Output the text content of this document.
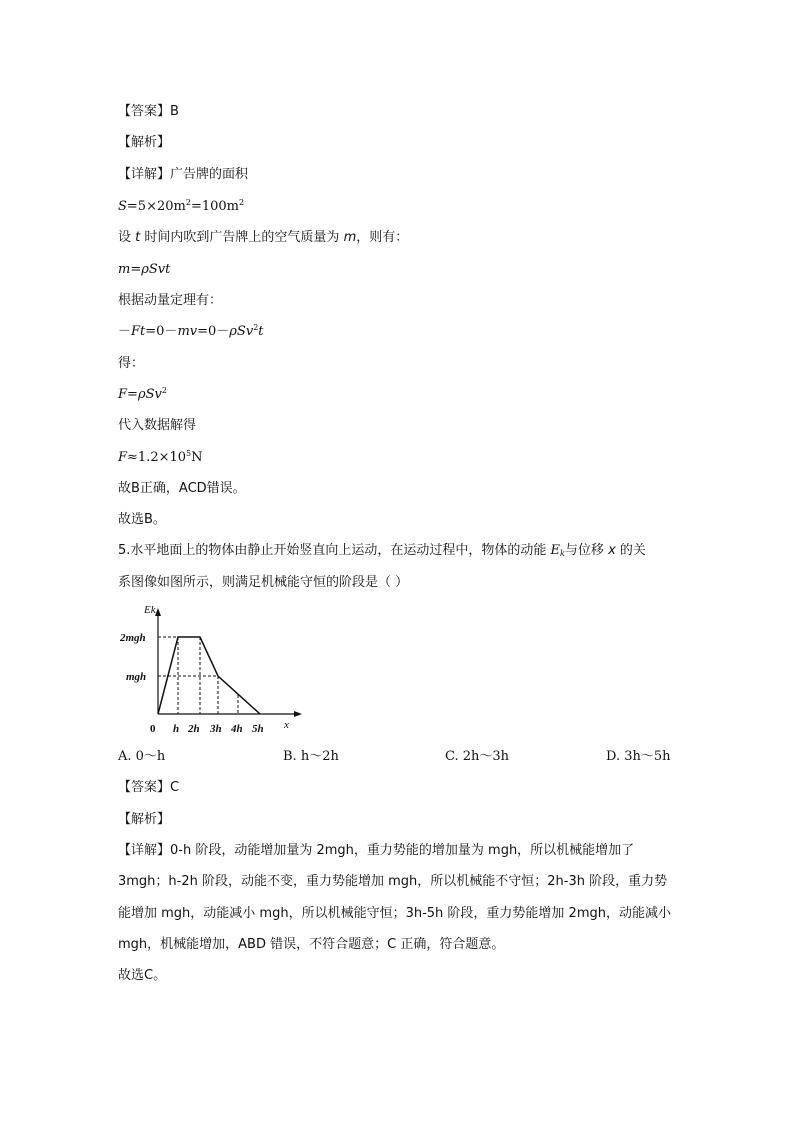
【答案】B
【解析】
【详解】广告牌的面积
$S=5\times 20m^2=100m^2$
设 t 时间内吹到广告牌上的空气质量为 m，则有：
m=ρSvt
根据动量定理有：
－Ft=0－mv=0－ρSv$^2$t
得：
F=ρSv$^2$
代入数据解得
$F\approx 1.2\times 10^5N$
故B正确，ACD错误。
故选B。
5.水平地面上的物体由静止开始竖直向上运动，在运动过程中，物体的动能 $E_k$与位移 x 的关
系图像如图所示，则满足机械能守恒的阶段是（ ）
Ek
2mgh
mgh
0 h 2h 3h 4h 5h x
A. 0～h	B. h～2h	C. 2h～3h	D. 3h～5h
【答案】C
【解析】
【详解】0-h 阶段，动能增加量为 2mgh，重力势能的增加量为 mgh，所以机械能增加了
3mgh；h-2h 阶段，动能不变，重力势能增加 mgh，所以机械能不守恒；2h-3h 阶段，重力势
能增加 mgh，动能减小 mgh，所以机械能守恒；3h-5h 阶段，重力势能增加 2mgh，动能减小
mgh，机械能增加，ABD 错误，不符合题意；C 正确，符合题意。
故选C。
